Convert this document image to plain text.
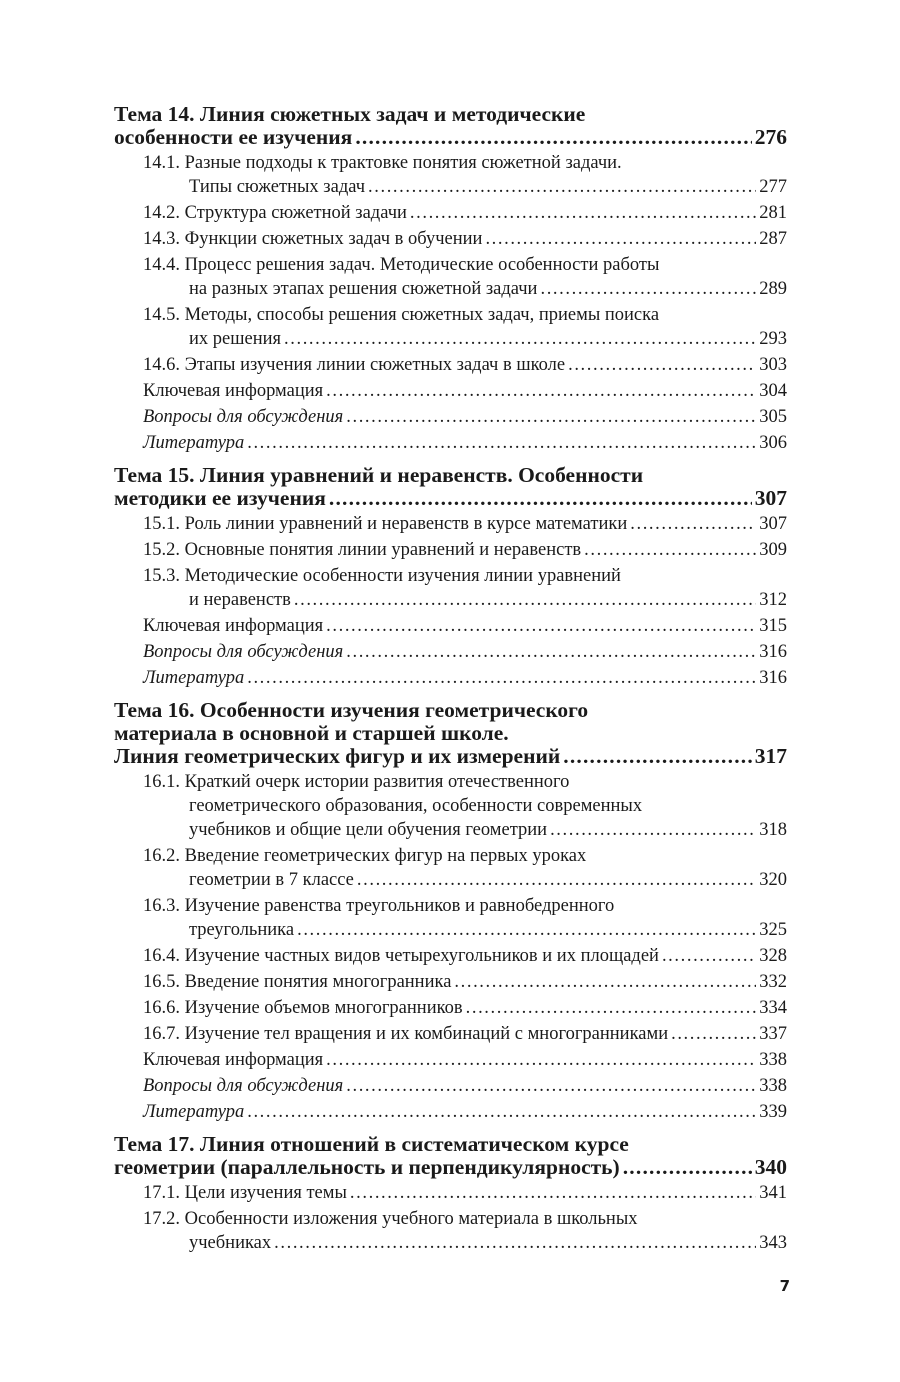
Тема 14. Линия сюжетных задач и методические
особенности ее изучения .....	276
14.1. Разные подходы к трактовке понятия сюжетной задачи.
Типы сюжетных задач .....	277
14.2. Структура сюжетной задачи .....	281
14.3. Функции сюжетных задач в обучении .....	287
14.4. Процесс решения задач. Методические особенности работы
на разных этапах решения сюжетной задачи .....	289
14.5. Методы, способы решения сюжетных задач, приемы поиска
их решения .....	293
14.6. Этапы изучения линии сюжетных задач в школе .....	303
Ключевая информация .....	304
Вопросы для обсуждения .....	305
Литература .....	306
Тема 15. Линия уравнений и неравенств. Особенности
методики ее изучения .....	307
15.1. Роль линии уравнений и неравенств в курсе математики .....	307
15.2. Основные понятия линии уравнений и неравенств .....	309
15.3. Методические особенности изучения линии уравнений
и неравенств .....	312
Ключевая информация .....	315
Вопросы для обсуждения .....	316
Литература .....	316
Тема 16. Особенности изучения геометрического
материала в основной и старшей школе.
Линия геометрических фигур и их измерений .....	317
16.1. Краткий очерк истории развития отечественного
геометрического образования, особенности современных
учебников и общие цели обучения геометрии .....	318
16.2. Введение геометрических фигур на первых уроках
геометрии в 7 классе .....	320
16.3. Изучение равенства треугольников и равнобедренного
треугольника .....	325
16.4. Изучение частных видов четырехугольников и их площадей .....	328
16.5. Введение понятия многогранника .....	332
16.6. Изучение объемов многогранников .....	334
16.7. Изучение тел вращения и их комбинаций с многогранниками .....	337
Ключевая информация .....	338
Вопросы для обсуждения .....	338
Литература .....	339
Тема 17. Линия отношений в систематическом курсе
геометрии (параллельность и перпендикулярность) .....	340
17.1. Цели изучения темы .....	341
17.2. Особенности изложения учебного материала в школьных
учебниках .....	343
7
